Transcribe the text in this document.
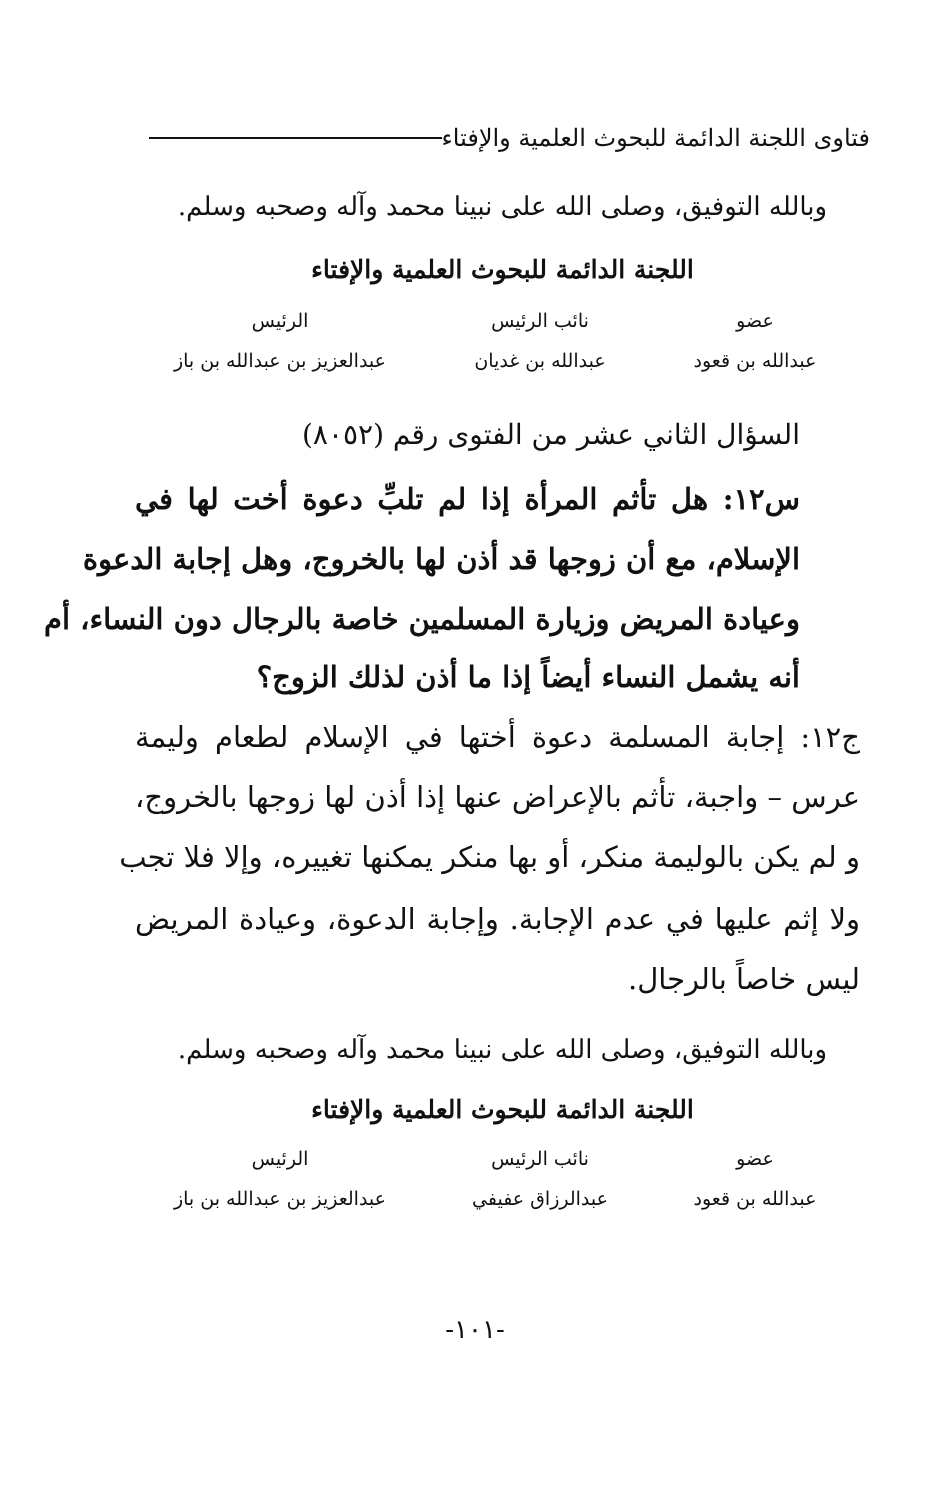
فتاوى اللجنة الدائمة للبحوث العلمية والإفتاء
وبالله التوفيق، وصلى الله على نبينا محمد وآله وصحبه وسلم.
اللجنة الدائمة للبحوث العلمية والإفتاء
عضو
نائب الرئيس
الرئيس
عبدالله بن قعود
عبدالله بن غديان
عبدالعزيز بن عبدالله بن باز
السؤال الثاني عشر من الفتوى رقم (٨٠٥٢)
س١٢: هل تأثم المرأة إذا لم تلبِّ دعوة أخت لها في
الإسلام، مع أن زوجها قد أذن لها بالخروج، وهل إجابة الدعوة
وعيادة المريض وزيارة المسلمين خاصة بالرجال دون النساء، أم
أنه يشمل النساء أيضاً إذا ما أذن لذلك الزوج؟
ج١٢: إجابة المسلمة دعوة أختها في الإسلام لطعام وليمة
عرس – واجبة، تأثم بالإعراض عنها إذا أذن لها زوجها بالخروج،
و لم يكن بالوليمة منكر، أو بها منكر يمكنها تغييره، وإلا فلا تجب
ولا إثم عليها في عدم الإجابة. وإجابة الدعوة، وعيادة المريض
ليس خاصاً بالرجال.
وبالله التوفيق، وصلى الله على نبينا محمد وآله وصحبه وسلم.
اللجنة الدائمة للبحوث العلمية والإفتاء
عضو
نائب الرئيس
الرئيس
عبدالله بن قعود
عبدالرزاق عفيفي
عبدالعزيز بن عبدالله بن باز
-١٠١-
